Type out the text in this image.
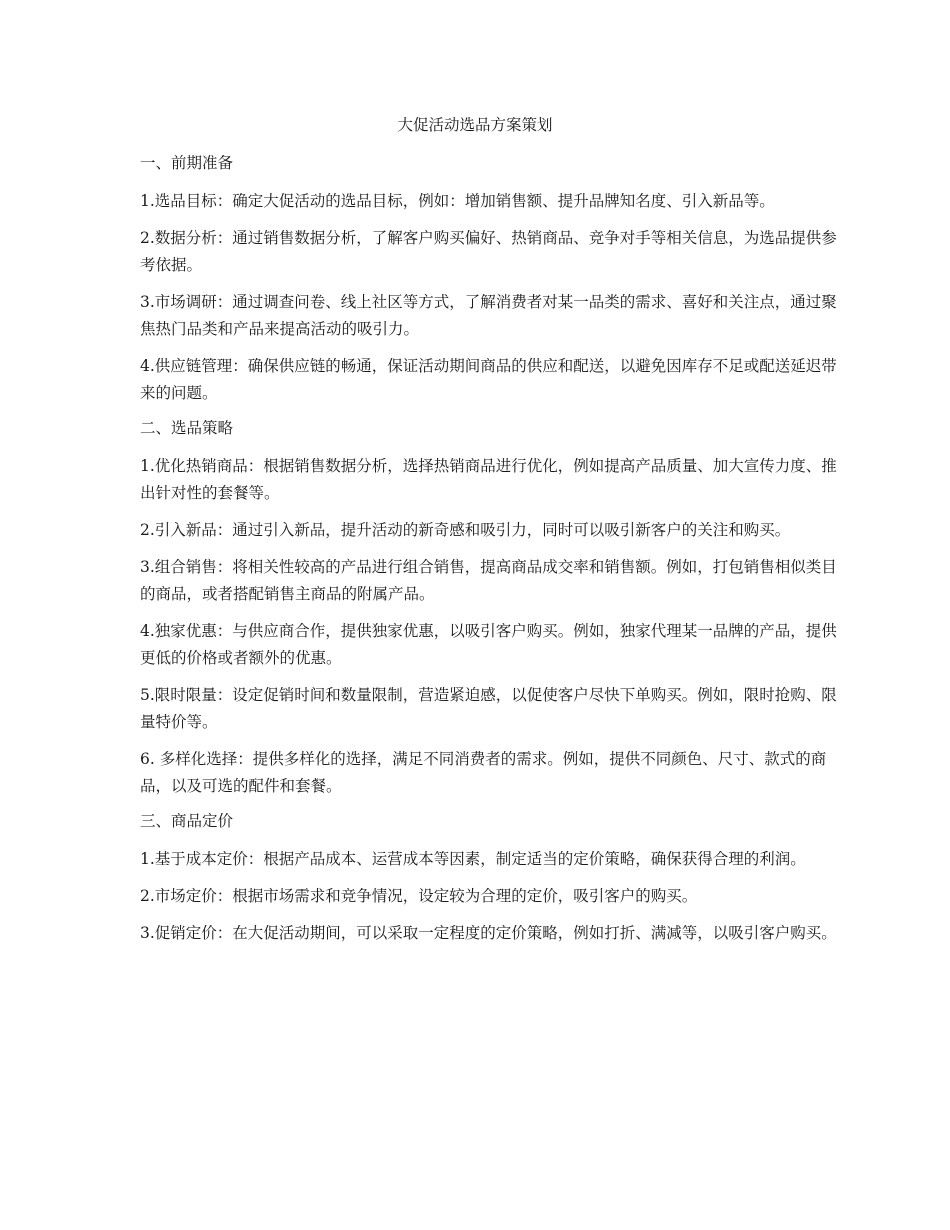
大促活动选品方案策划
一、前期准备
1.选品目标：确定大促活动的选品目标，例如：增加销售额、提升品牌知名度、引入新品等。
2.数据分析：通过销售数据分析，了解客户购买偏好、热销商品、竞争对手等相关信息，为选品提供参考依据。
3.市场调研：通过调查问卷、线上社区等方式，了解消费者对某一品类的需求、喜好和关注点，通过聚焦热门品类和产品来提高活动的吸引力。
4.供应链管理：确保供应链的畅通，保证活动期间商品的供应和配送，以避免因库存不足或配送延迟带来的问题。
二、选品策略
1.优化热销商品：根据销售数据分析，选择热销商品进行优化，例如提高产品质量、加大宣传力度、推出针对性的套餐等。
2.引入新品：通过引入新品，提升活动的新奇感和吸引力，同时可以吸引新客户的关注和购买。
3.组合销售：将相关性较高的产品进行组合销售，提高商品成交率和销售额。例如，打包销售相似类目的商品，或者搭配销售主商品的附属产品。
4.独家优惠：与供应商合作，提供独家优惠，以吸引客户购买。例如，独家代理某一品牌的产品，提供更低的价格或者额外的优惠。
5.限时限量：设定促销时间和数量限制，营造紧迫感，以促使客户尽快下单购买。例如，限时抢购、限量特价等。
6. 多样化选择：提供多样化的选择，满足不同消费者的需求。例如，提供不同颜色、尺寸、款式的商品，以及可选的配件和套餐。
三、商品定价
1.基于成本定价：根据产品成本、运营成本等因素，制定适当的定价策略，确保获得合理的利润。
2.市场定价：根据市场需求和竞争情况，设定较为合理的定价，吸引客户的购买。
3.促销定价：在大促活动期间，可以采取一定程度的定价策略，例如打折、满减等，以吸引客户购买。
